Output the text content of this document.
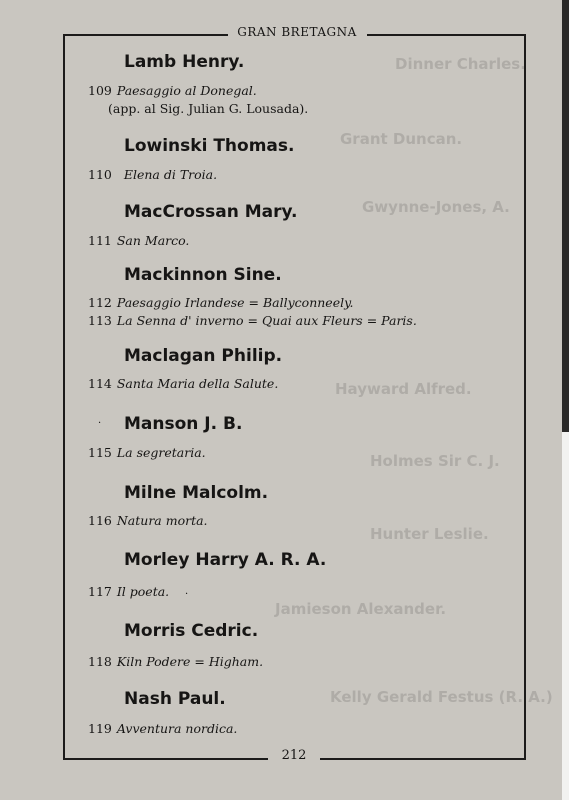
Dinner Charles.
Grant Duncan.
Gwynne-Jones, A.
Hayward Alfred.
Holmes Sir C. J.
Hunter Leslie.
Jamieson Alexander.
Kelly Gerald Festus (R. A.)
GRAN BRETAGNA
Lamb Henry.
109 Paesaggio al Donegal.
(app. al Sig. Julian G. Lousada).
Lowinski Thomas.
110 Elena di Troia.
MacCrossan Mary.
111 San Marco.
Mackinnon Sine.
112 Paesaggio Irlandese = Ballyconneely.
113 La Senna d' inverno = Quai aux Fleurs = Paris.
Maclagan Philip.
114 Santa Maria della Salute.
· Manson J. B.
115 La segretaria.
Milne Malcolm.
116 Natura morta.
Morley Harry A. R. A.
117 Il poeta. ·
Morris Cedric.
118 Kiln Podere = Higham.
Nash Paul.
119 Avventura nordica.
212
